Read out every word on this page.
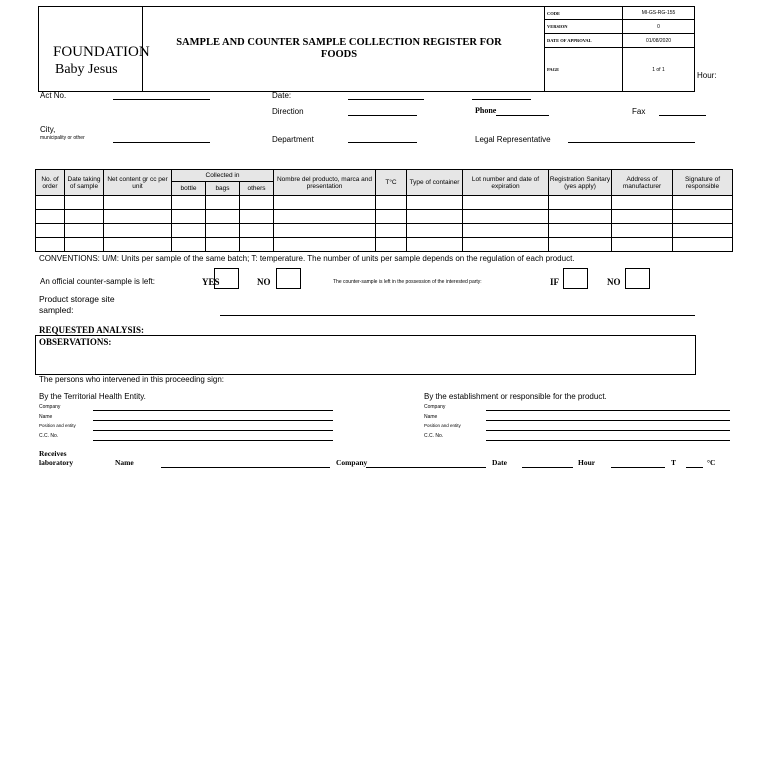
FOUNDATION
Baby Jesus
SAMPLE AND COUNTER SAMPLE COLLECTION REGISTER FOR FOODS
CODE	MI-GS-RG-155
VERSION	0
DATE OF APPROVAL	01/08/2020
PAGE	1 of 1
Hour:
Act No.	Date:
Direction	Phone	Fax
City,
municipality or other	Department	Legal Representative
No. of order	Date taking of sample	Net content gr cc per unit	Collected in			Nombre del producto, marca and presentation	T°C	Type of container	Lot number and date of expiration	Registration Sanitary (yes apply)	Address of manufacturer	Signature of responsible
			bottle	bags	others							

CONVENTIONS: U/M: Units per sample of the same batch; T: temperature. The number of units per sample depends on the regulation of each product.
An official counter-sample is left:	YES	NO	The counter-sample is left in the possession of the interested party:	IF	NO
Product storage site
sampled:
REQUESTED ANALYSIS:
OBSERVATIONS:
The persons who intervened in this proceeding sign:
By the Territorial Health Entity.
Company
Name
Position and entity
C.C. No.
By the establishment or responsible for the product.
Company
Name
Position and entity
C.C. No.
Receives
laboratory	Name	Company	Date	Hour	T	°C
